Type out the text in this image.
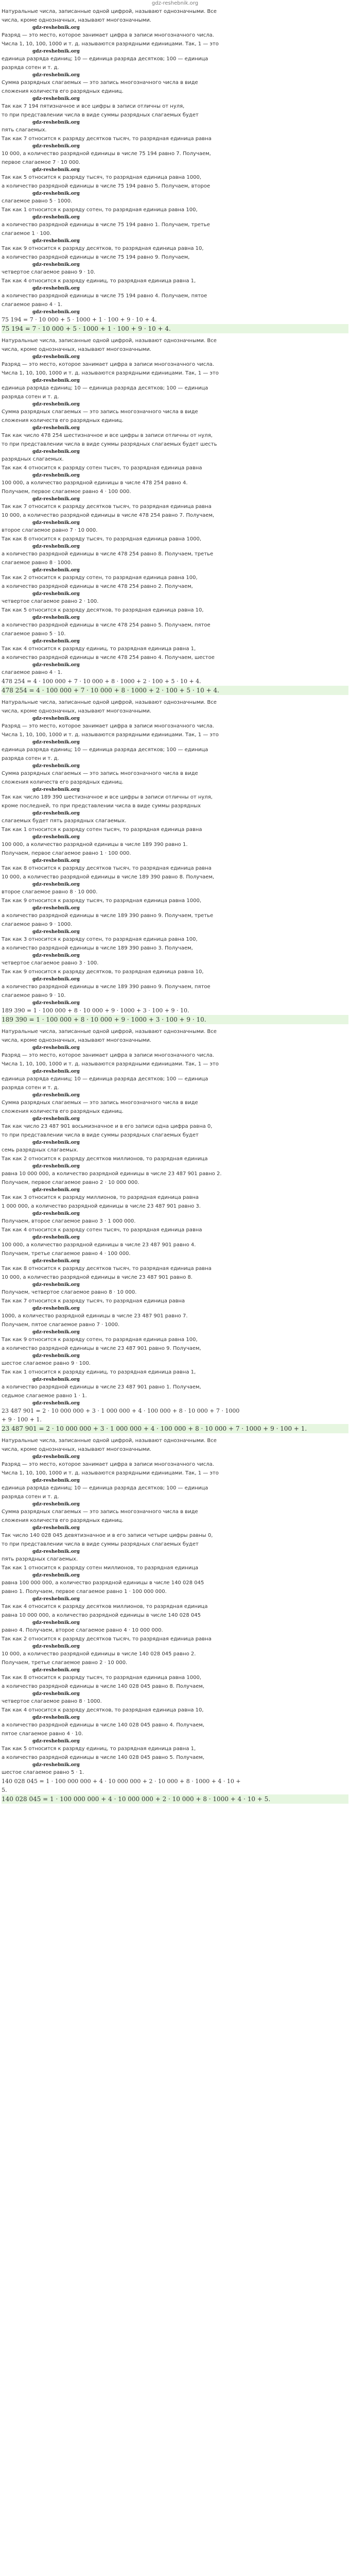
gdz-reshebnik.org
Натуральные числа, записанные одной цифрой, называют однозначными. Все
числа, кроме однозначных, называют многозначными.
gdz-reshebnik.org
Разряд — это место, которое занимает цифра в записи многозначного числа.
Числа 1, 10, 100, 1000 и т. д. называются разрядными единицами. Так, 1 — это
gdz-reshebnik.org
единица разряда единиц; 10 — единица разряда десятков; 100 — единица
разряда сотен и т. д.
gdz-reshebnik.org
Сумма разрядных слагаемых — это запись многозначного числа в виде
сложения количеств его разрядных единиц.
gdz-reshebnik.org
Так как 7 194 пятизначное и все цифры в записи отличны от нуля,
то при представлении числа в виде суммы разрядных слагаемых будет
gdz-reshebnik.org
пять слагаемых.
Так как 7 относится к разряду десятков тысяч, то разрядная единица равна
gdz-reshebnik.org
10 000, а количество разрядной единицы в числе 75 194 равно 7. Получаем,
первое слагаемое 7 · 10 000.
gdz-reshebnik.org
Так как 5 относится к разряду тысяч, то разрядная единица равна 1000,
а количество разрядной единицы в числе 75 194 равно 5. Получаем, второе
gdz-reshebnik.org
слагаемое равно 5 · 1000.
Так как 1 относится к разряду сотен, то разрядная единица равна 100,
gdz-reshebnik.org
а количество разрядной единицы в числе 75 194 равно 1. Получаем, третье
слагаемое 1 · 100.
gdz-reshebnik.org
Так как 9 относится к разряду десятков, то разрядная единица равна 10,
а количество разрядной единицы в числе 75 194 равно 9. Получаем,
gdz-reshebnik.org
четвертое слагаемое равно 9 · 10.
Так как 4 относится к разряду единиц, то разрядная единица равна 1,
gdz-reshebnik.org
а количество разрядной единицы в числе 75 194 равно 4. Получаем, пятое
слагаемое равно 4 · 1.
gdz-reshebnik.org
75 194 = 7 · 10 000 + 5 · 1000 + 1 · 100 + 9 · 10 + 4.
75 194 = 7 · 10 000 + 5 · 1000 + 1 · 100 + 9 · 10 + 4.
Натуральные числа, записанные одной цифрой, называют однозначными. Все
числа, кроме однозначных, называют многозначными.
gdz-reshebnik.org
Разряд — это место, которое занимает цифра в записи многозначного числа.
Числа 1, 10, 100, 1000 и т. д. называются разрядными единицами. Так, 1 — это
gdz-reshebnik.org
единица разряда единиц; 10 — единица разряда десятков; 100 — единица
разряда сотен и т. д.
gdz-reshebnik.org
Сумма разрядных слагаемых — это запись многозначного числа в виде
сложения количеств его разрядных единиц.
gdz-reshebnik.org
Так как число 478 254 шестизначное и все цифры в записи отличны от нуля,
то при представлении числа в виде суммы разрядных слагаемых будет шесть
gdz-reshebnik.org
разрядных слагаемых.
Так как 4 относится к разряду сотен тысяч, то разрядная единица равна
gdz-reshebnik.org
100 000, а количество разрядной единицы в числе 478 254 равно 4.
Получаем, первое слагаемое равно 4 · 100 000.
gdz-reshebnik.org
Так как 7 относится к разряду десятков тысяч, то разрядная единица равна
10 000, а количество разрядной единицы в числе 478 254 равно 7. Получаем,
gdz-reshebnik.org
второе слагаемое равно 7 · 10 000.
Так как 8 относится к разряду тысяч, то разрядная единица равна 1000,
gdz-reshebnik.org
а количество разрядной единицы в числе 478 254 равно 8. Получаем, третье
слагаемое равно 8 · 1000.
gdz-reshebnik.org
Так как 2 относится к разряду сотен, то разрядная единица равна 100,
а количество разрядной единицы в числе 478 254 равно 2. Получаем,
gdz-reshebnik.org
четвертое слагаемое равно 2 · 100.
Так как 5 относится к разряду десятков, то разрядная единица равна 10,
gdz-reshebnik.org
а количество разрядной единицы в числе 478 254 равно 5. Получаем, пятое
слагаемое равно 5 · 10.
gdz-reshebnik.org
Так как 4 относится к разряду единиц, то разрядная единица равна 1,
а количество разрядной единицы в числе 478 254 равно 4. Получаем, шестое
gdz-reshebnik.org
слагаемое равно 4 · 1.
478 254 = 4 · 100 000 + 7 · 10 000 + 8 · 1000 + 2 · 100 + 5 · 10 + 4.
478 254 = 4 · 100 000 + 7 · 10 000 + 8 · 1000 + 2 · 100 + 5 · 10 + 4.
Натуральные числа, записанные одной цифрой, называют однозначными. Все
числа, кроме однозначных, называют многозначными.
gdz-reshebnik.org
Разряд — это место, которое занимает цифра в записи многозначного числа.
Числа 1, 10, 100, 1000 и т. д. называются разрядными единицами. Так, 1 — это
gdz-reshebnik.org
единица разряда единиц; 10 — единица разряда десятков; 100 — единица
разряда сотен и т. д.
gdz-reshebnik.org
Сумма разрядных слагаемых — это запись многозначного числа в виде
сложения количеств его разрядных единиц.
gdz-reshebnik.org
Так как число 189 390 шестизначное и все цифры в записи отличны от нуля,
кроме последней, то при представлении числа в виде суммы разрядных
gdz-reshebnik.org
слагаемых будет пять разрядных слагаемых.
Так как 1 относится к разряду сотен тысяч, то разрядная единица равна
gdz-reshebnik.org
100 000, а количество разрядной единицы в числе 189 390 равно 1.
Получаем, первое слагаемое равно 1 · 100 000.
gdz-reshebnik.org
Так как 8 относится к разряду десятков тысяч, то разрядная единица равна
10 000, а количество разрядной единицы в числе 189 390 равно 8. Получаем,
gdz-reshebnik.org
второе слагаемое равно 8 · 10 000.
Так как 9 относится к разряду тысяч, то разрядная единица равна 1000,
gdz-reshebnik.org
а количество разрядной единицы в числе 189 390 равно 9. Получаем, третье
слагаемое равно 9 · 1000.
gdz-reshebnik.org
Так как 3 относится к разряду сотен, то разрядная единица равна 100,
а количество разрядной единицы в числе 189 390 равно 3. Получаем,
gdz-reshebnik.org
четвертое слагаемое равно 3 · 100.
Так как 9 относится к разряду десятков, то разрядная единица равна 10,
gdz-reshebnik.org
а количество разрядной единицы в числе 189 390 равно 9. Получаем, пятое
слагаемое равно 9 · 10.
gdz-reshebnik.org
189 390 = 1 · 100 000 + 8 · 10 000 + 9 · 1000 + 3 · 100 + 9 · 10.
189 390 = 1 · 100 000 + 8 · 10 000 + 9 · 1000 + 3 · 100 + 9 · 10.
Натуральные числа, записанные одной цифрой, называют однозначными. Все
числа, кроме однозначных, называют многозначными.
gdz-reshebnik.org
Разряд — это место, которое занимает цифра в записи многозначного числа.
Числа 1, 10, 100, 1000 и т. д. называются разрядными единицами. Так, 1 — это
gdz-reshebnik.org
единица разряда единиц; 10 — единица разряда десятков; 100 — единица
разряда сотен и т. д.
gdz-reshebnik.org
Сумма разрядных слагаемых — это запись многозначного числа в виде
сложения количеств его разрядных единиц.
gdz-reshebnik.org
Так как число 23 487 901 восьмизначное и в его записи одна цифра равна 0,
то при представлении числа в виде суммы разрядных слагаемых будет
gdz-reshebnik.org
семь разрядных слагаемых.
Так как 2 относится к разряду десятков миллионов, то разрядная единица
gdz-reshebnik.org
равна 10 000 000, а количество разрядной единицы в числе 23 487 901 равно 2.
Получаем, первое слагаемое равно 2 · 10 000 000.
gdz-reshebnik.org
Так как 3 относится к разряду миллионов, то разрядная единица равна
1 000 000, а количество разрядной единицы в числе 23 487 901 равно 3.
gdz-reshebnik.org
Получаем, второе слагаемое равно 3 · 1 000 000.
Так как 4 относится к разряду сотен тысяч, то разрядная единица равна
gdz-reshebnik.org
100 000, а количество разрядной единицы в числе 23 487 901 равно 4.
Получаем, третье слагаемое равно 4 · 100 000.
gdz-reshebnik.org
Так как 8 относится к разряду десятков тысяч, то разрядная единица равна
10 000, а количество разрядной единицы в числе 23 487 901 равно 8.
gdz-reshebnik.org
Получаем, четвертое слагаемое равно 8 · 10 000.
Так как 7 относится к разряду тысяч, то разрядная единица равна
gdz-reshebnik.org
1000, а количество разрядной единицы в числе 23 487 901 равно 7.
Получаем, пятое слагаемое равно 7 · 1000.
gdz-reshebnik.org
Так как 9 относится к разряду сотен, то разрядная единица равна 100,
а количество разрядной единицы в числе 23 487 901 равно 9. Получаем,
gdz-reshebnik.org
шестое слагаемое равно 9 · 100.
Так как 1 относится к разряду единиц, то разрядная единица равна 1,
gdz-reshebnik.org
а количество разрядной единицы в числе 23 487 901 равно 1. Получаем,
седьмое слагаемое равно 1 · 1.
gdz-reshebnik.org
23 487 901 = 2 · 10 000 000 + 3 · 1 000 000 + 4 · 100 000 + 8 · 10 000 + 7 · 1000
+ 9 · 100 + 1.
23 487 901 = 2 · 10 000 000 + 3 · 1 000 000 + 4 · 100 000 + 8 · 10 000 + 7 · 1000 + 9 · 100 + 1.
Натуральные числа, записанные одной цифрой, называют однозначными. Все
числа, кроме однозначных, называют многозначными.
gdz-reshebnik.org
Разряд — это место, которое занимает цифра в записи многозначного числа.
Числа 1, 10, 100, 1000 и т. д. называются разрядными единицами. Так, 1 — это
gdz-reshebnik.org
единица разряда единиц; 10 — единица разряда десятков; 100 — единица
разряда сотен и т. д.
gdz-reshebnik.org
Сумма разрядных слагаемых — это запись многозначного числа в виде
сложения количеств его разрядных единиц.
gdz-reshebnik.org
Так число 140 028 045 девятизначное и в его записи четыре цифры равны 0,
то при представлении числа в виде суммы разрядных слагаемых будет
gdz-reshebnik.org
пять разрядных слагаемых.
Так как 1 относится к разряду сотен миллионов, то разрядная единица
gdz-reshebnik.org
равна 100 000 000, а количество разрядной единицы в числе 140 028 045
равно 1. Получаем, первое слагаемое равно 1 · 100 000 000.
gdz-reshebnik.org
Так как 4 относится к разряду десятков миллионов, то разрядная единица
равна 10 000 000, а количество разрядной единицы в числе 140 028 045
gdz-reshebnik.org
равно 4. Получаем, второе слагаемое равно 4 · 10 000 000.
Так как 2 относится к разряду десятков тысяч, то разрядная единица равна
gdz-reshebnik.org
10 000, а количество разрядной единицы в числе 140 028 045 равно 2.
Получаем, третье слагаемое равно 2 · 10 000.
gdz-reshebnik.org
Так как 8 относится к разряду тысяч, то разрядная единица равна 1000,
а количество разрядной единицы в числе 140 028 045 равно 8. Получаем,
gdz-reshebnik.org
четвертое слагаемое равно 8 · 1000.
Так как 4 относится к разряду десятков, то разрядная единица равна 10,
gdz-reshebnik.org
а количество разрядной единицы в числе 140 028 045 равно 4. Получаем,
пятое слагаемое равно 4 · 10.
gdz-reshebnik.org
Так как 5 относится к разряду единиц, то разрядная единица равна 1,
а количество разрядной единицы в числе 140 028 045 равно 5. Получаем,
gdz-reshebnik.org
шестое слагаемое равно 5 · 1.
140 028 045 = 1 · 100 000 000 + 4 · 10 000 000 + 2 · 10 000 + 8 · 1000 + 4 · 10 +
5.
140 028 045 = 1 · 100 000 000 + 4 · 10 000 000 + 2 · 10 000 + 8 · 1000 + 4 · 10 + 5.
